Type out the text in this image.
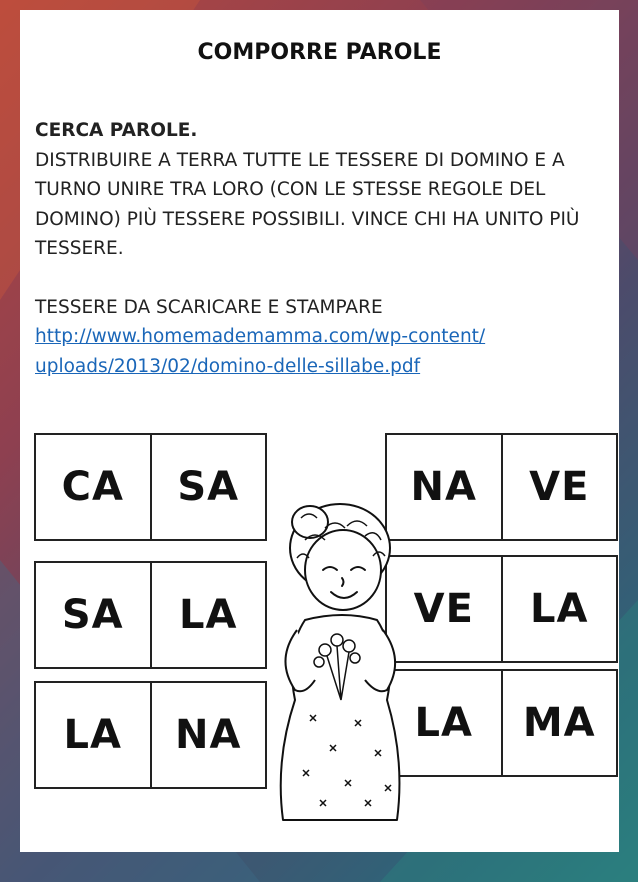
COMPORRE PAROLE
CERCA PAROLE.
DISTRIBUIRE A TERRA TUTTE LE TESSERE DI DOMINO E A TURNO UNIRE TRA LORO (CON LE STESSE REGOLE DEL DOMINO) PIÙ TESSERE POSSIBILI. VINCE CHI HA UNITO PIÙ TESSERE.
TESSERE DA SCARICARE E STAMPARE
http://www.homemademamma.com/wp-content/
uploads/2013/02/domino-delle-sillabe.pdf
CA	SA
SA	LA
LA	NA
NA	VE
VE	LA
LA	MA
